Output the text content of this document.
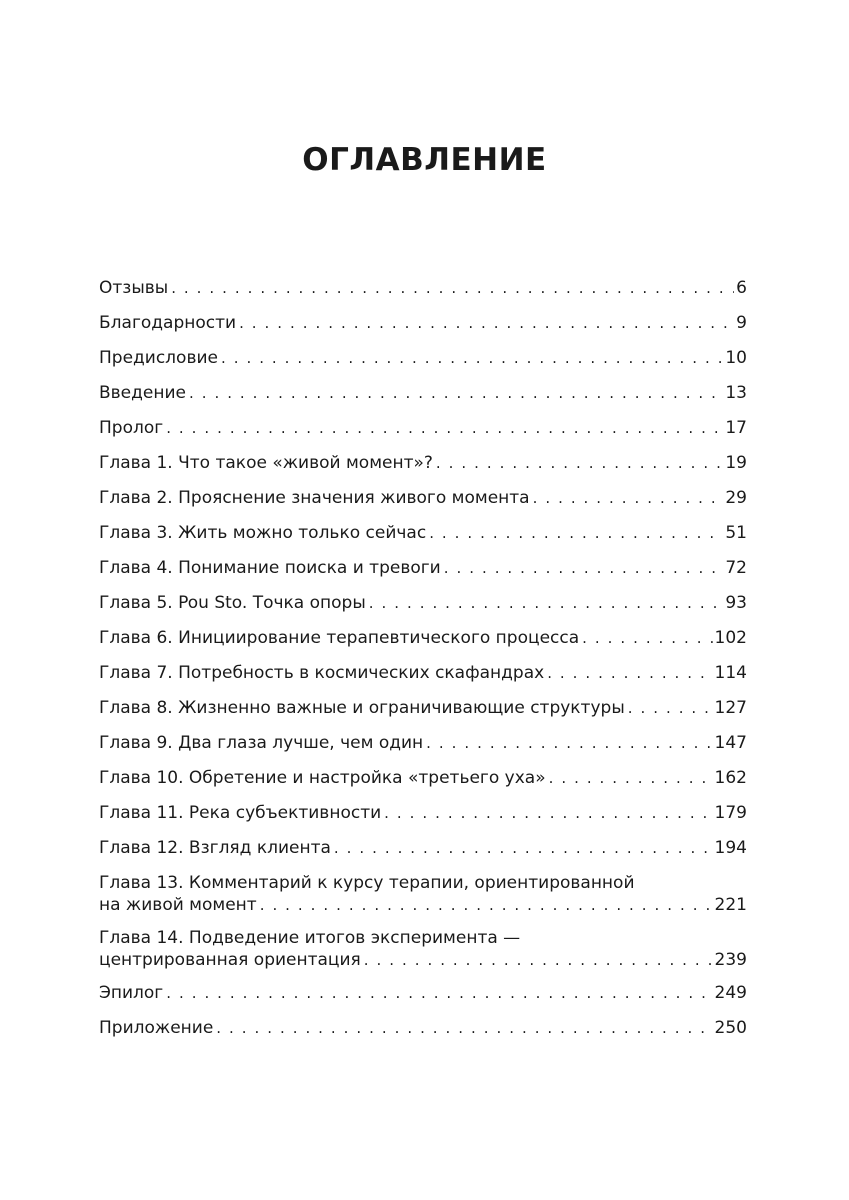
ОГЛАВЛЕНИЕ
Отзывы . . .	6
Благодарности . . .	9
Предисловие . . .	10
Введение . . .	13
Пролог . . .	17
Глава 1. Что такое «живой момент»? . . .	19
Глава 2. Прояснение значения живого момента . . .	29
Глава 3. Жить можно только сейчас . . .	51
Глава 4. Понимание поиска и тревоги . . .	72
Глава 5. Pou Sto. Точка опоры . . .	93
Глава 6. Инициирование терапевтического процесса . . .	102
Глава 7. Потребность в космических скафандрах . . .	114
Глава 8. Жизненно важные и ограничивающие структуры . . .	127
Глава 9. Два глаза лучше, чем один . . .	147
Глава 10. Обретение и настройка «третьего уха» . . .	162
Глава 11. Река субъективности . . .	179
Глава 12. Взгляд клиента . . .	194
Глава 13. Комментарий к курсу терапии, ориентированной
на живой момент . . .	221
Глава 14. Подведение итогов эксперимента —
центрированная ориентация . . .	239
Эпилог . . .	249
Приложение . . .	250
